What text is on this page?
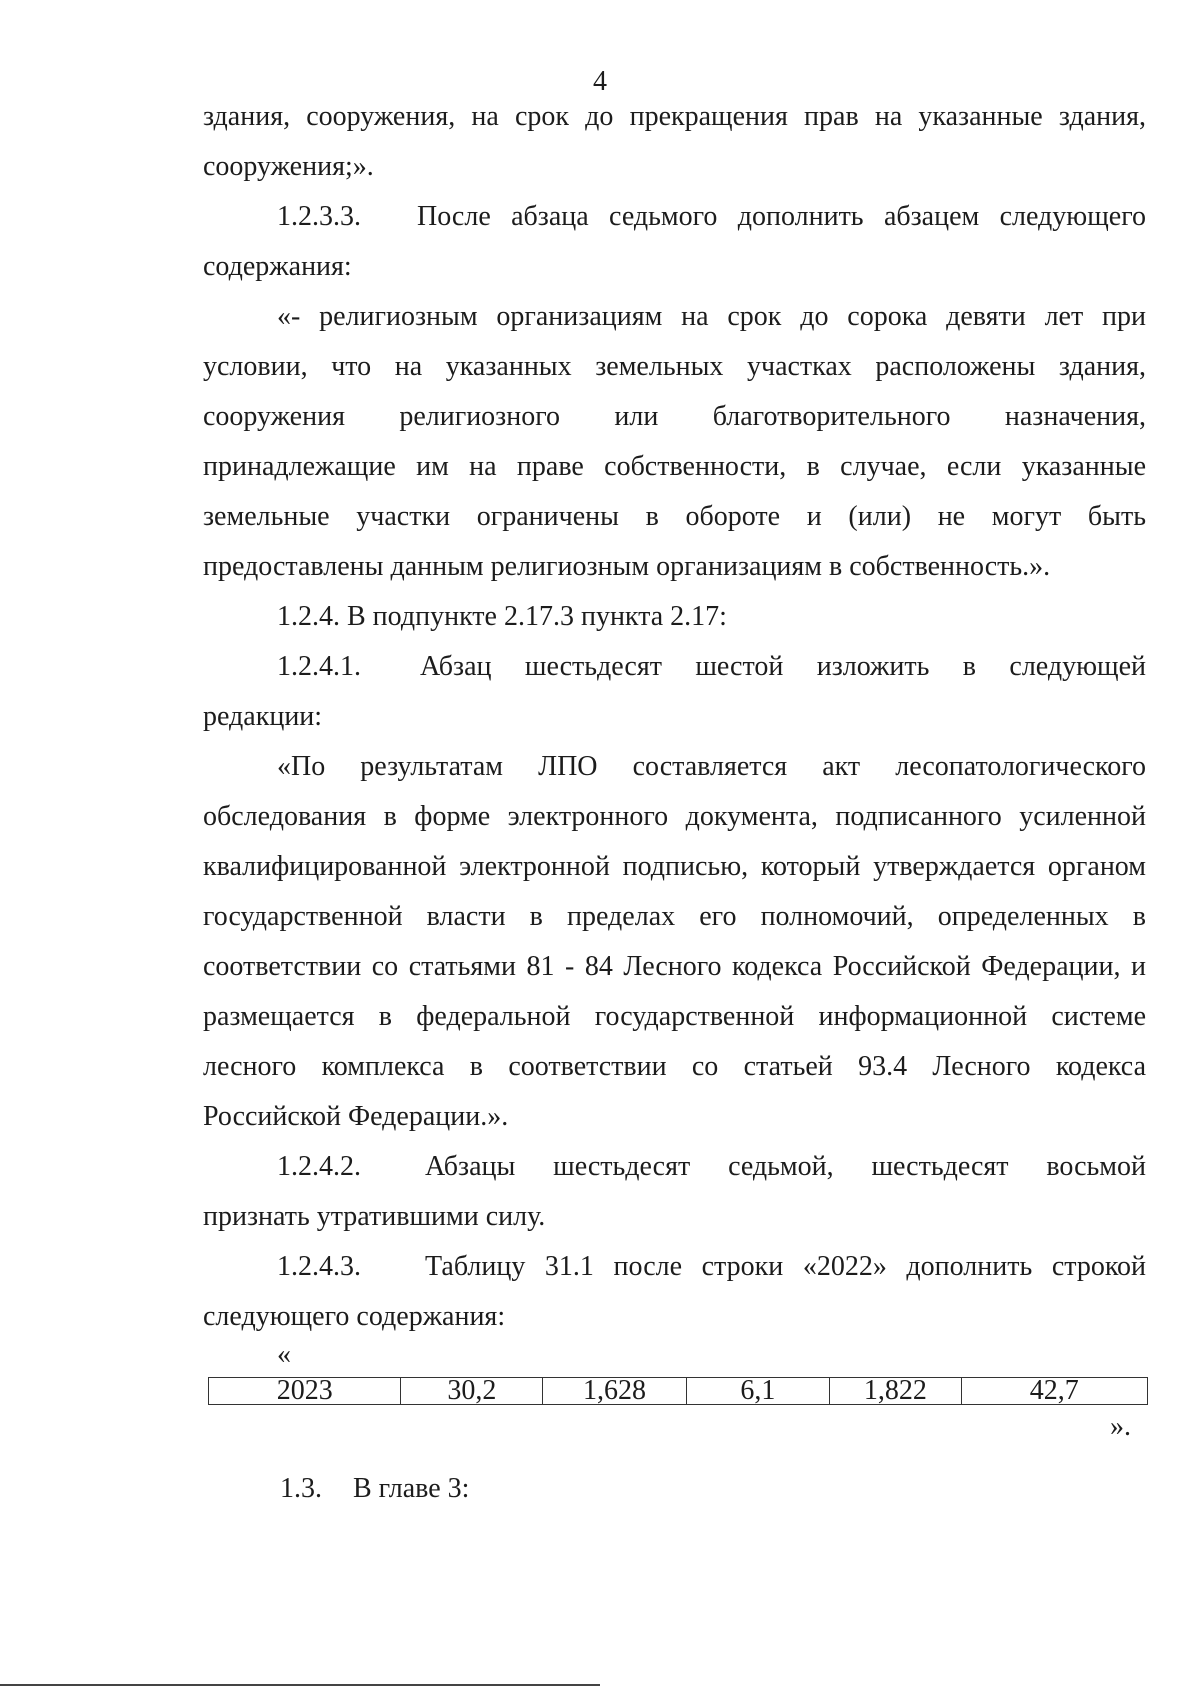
4
здания, сооружения, на срок до прекращения прав на указанные здания,
сооружения;».
1.2.3.3. После абзаца седьмого дополнить абзацем следующего
содержания:
«- религиозным организациям на срок до сорока девяти лет при
условии, что на указанных земельных участках расположены здания,
сооружения религиозного или благотворительного назначения,
принадлежащие им на праве собственности, в случае, если указанные
земельные участки ограничены в обороте и (или) не могут быть
предоставлены данным религиозным организациям в собственность.».
1.2.4. В подпункте 2.17.3 пункта 2.17:
1.2.4.1. Абзац шестьдесят шестой изложить в следующей
редакции:
«По результатам ЛПО составляется акт лесопатологического
обследования в форме электронного документа, подписанного усиленной
квалифицированной электронной подписью, который утверждается органом
государственной власти в пределах его полномочий, определенных в
соответствии со статьями 81 - 84 Лесного кодекса Российской Федерации, и
размещается в федеральной государственной информационной системе
лесного комплекса в соответствии со статьей 93.4 Лесного кодекса
Российской Федерации.».
1.2.4.2. Абзацы шестьдесят седьмой, шестьдесят восьмой
признать утратившими силу.
1.2.4.3. Таблицу 31.1 после строки «2022» дополнить строкой
следующего содержания:
«
2023	30,2	1,628	6,1	1,822	42,7
».
1.3. В главе 3:
